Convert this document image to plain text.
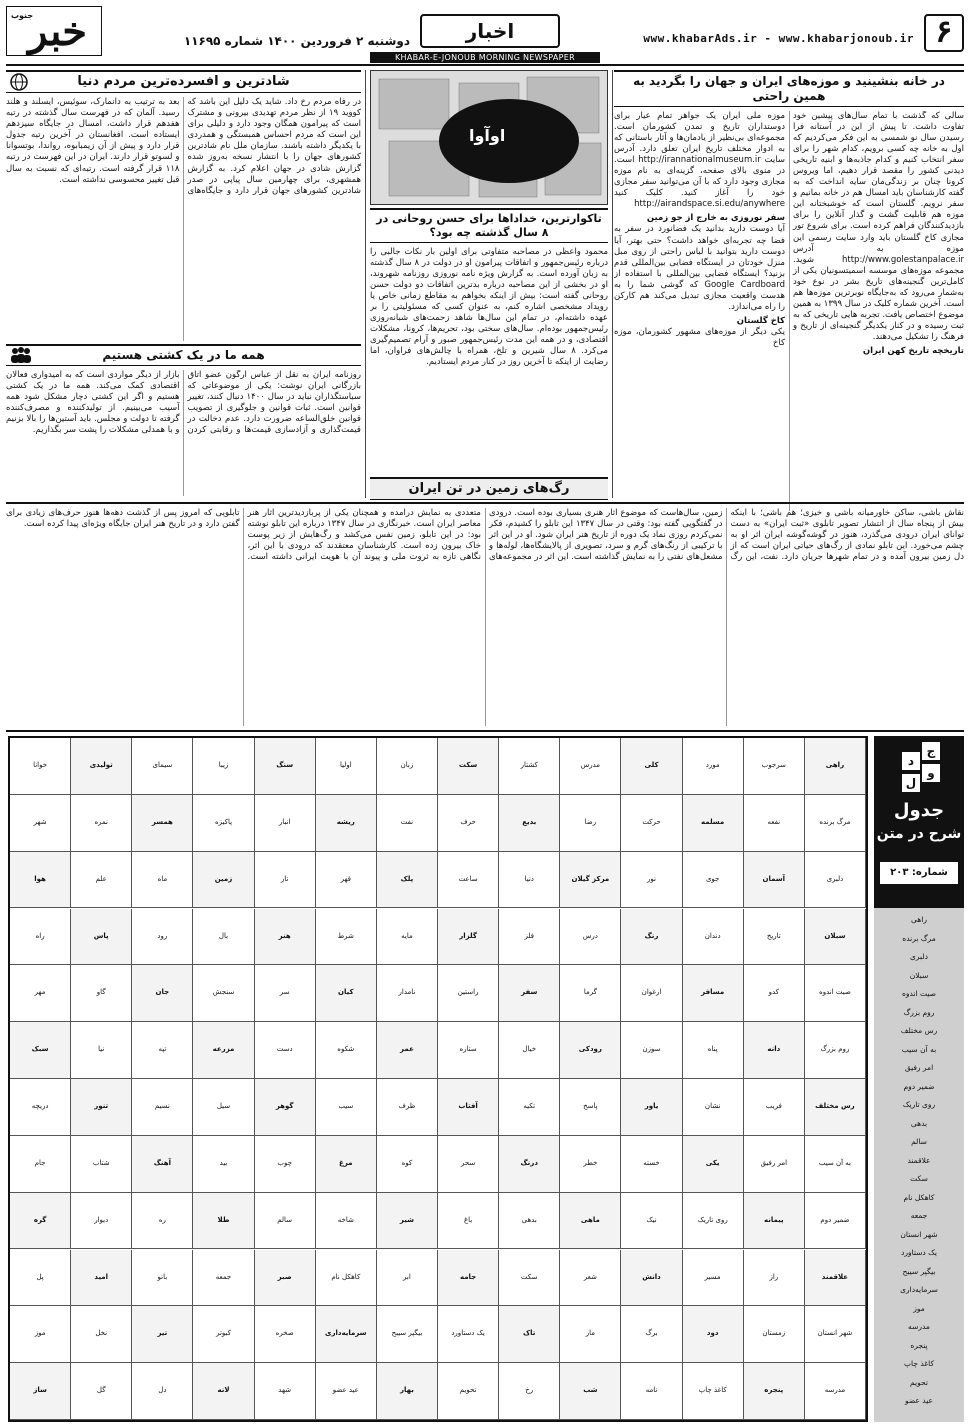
۶
www.khabarAds.ir - www.khabarjonoub.ir
اخبار
KHABAR-E-JONOUB MORNING NEWSPAPER
دوشنبه ۲ فروردین ۱۴۰۰ شماره ۱۱۶۹۵
خبر
جنوب
در خانه بنشینید و موزه‌های ایران و جهان را بگردید به همین راحتی

سالی که گذشت با تمام سال‌های پیشین خود تفاوت داشت. تا پیش از این در آستانه فرا رسیدن سال نو شمسی به این فکر می‌کردیم که اول به خانه چه کسی برویم، کدام شهر را برای سفر انتخاب کنیم و کدام جاذبه‌ها و ابنیه تاریخی دیدنی کشور را مقصد قرار دهیم، اما ویروس کرونا چنان بر زندگی‌مان سایه انداخت که به گفته کارشناسان باید امسال هم در خانه بمانیم و سفر نرویم. گلستان است که خوشبختانه این موزه هم قابلیت گشت و گذار آنلاین را برای بازدیدکنندگان فراهم کرده است. برای شروع تور مجازی کاخ گلستان باید وارد سایت رسمی این موزه به آدرس http://www.golestanpalace.ir شوید. مجموعه موزه‌های موسسه اسمیتسونیان یکی از کامل‌ترین گنجینه‌های تاریخ بشر در نوع خود به‌شمار می‌رود که به‌جایگاه نوبرترین موزه‌ها هم است. آخرین شماره کلیک در سال ۱۳۹۹ به همین موضوع اختصاص یافت. تجربه هایی تاریخی که به ثبت رسیده و در کنار یکدیگر گنجینه‌ای از تاریخ و فرهنگ را تشکیل می‌دهند.

تاریخچه تاریخ کهن ایران

موزه ملی ایران یک جواهر تمام عیار برای دوستداران تاریخ و تمدن کشورمان است. مجموعه‌ای بی‌نظیر از یادمان‌ها و آثار باستانی که به ادوار مختلف تاریخ ایران تعلق دارد. آدرس سایت http://irannationalmuseum.ir است. در منوی بالای صفحه، گزینه‌ای به نام موزه مجازی وجود دارد که با آن می‌توانید سفر مجازی خود را آغاز کنید. کلیک کنید http://airandspace.si.edu/anywhere

سفر نوروزی به خارج از جو زمین

آیا دوست دارید بدانید یک فضانورد در سفر به فضا چه تجربه‌ای خواهد داشت؟ حتی بهتر، آیا دوست دارید بتوانید با لباس راحتی از روی مبل منزل خودتان در ایستگاه فضایی بین‌المللی قدم بزنید؟ ایستگاه فضایی بین‌المللی با استفاده از Google Cardboard که گوشی شما را به هدست واقعیت مجازی تبدیل می‌کند هم کارکن را راه می‌اندازد.

کاخ گلستان

یکی دیگر از موزه‌های مشهور کشورمان، موزه کاخ

اوآوا
تاکوارترین، خداداها برای حسن روحانی در ۸ سال گذشته چه بود؟
محمود واعظی در مصاحبه متفاوتی برای اولین بار نکات جالبی را درباره رئیس‌جمهور و اتفاقات پیرامون او در دولت در ۸ سال گذشته به زبان آورده است. به گزارش ویژه نامه نوروزی روزنامه شهروند، او در بخشی از این مصاحبه درباره بدترین اتفاقات دو دولت حسن روحانی گفته است: بیش از اینکه بخواهم به مقاطع زمانی خاص یا رویداد مشخصی اشاره کنم، به عنوان کسی که مسئولیتی را بر عهده داشته‌ام، در تمام این سال‌ها شاهد زحمت‌های شبانه‌روزی رئیس‌جمهور بوده‌ام. سال‌های سختی بود، تحریم‌ها، کرونا، مشکلات اقتصادی، و در همه این مدت رئیس‌جمهور صبور و آرام تصمیم‌گیری می‌کرد. ۸ سال شیرین و تلخ، همراه با چالش‌های فراوان، اما رضایت از اینکه تا آخرین روز در کنار مردم ایستادیم.
رگ‌های زمین در تن ایران
شادترین و افسرده‌ترین مردم دنیا
در رفاه مردم رخ داد. شاید یک دلیل این باشد که کووید ۱۹ از نظر مردم تهدیدی بیرونی و مشترک است که پیرامون همگان وجود دارد و دلیلی برای این است که مردم احساس همبستگی و همدردی با یکدیگر داشته باشند. سازمان ملل نام شاد‌ترین کشورهای جهان را با انتشار نسخه به‌روز شده گزارش شادی در جهان اعلام کرد. به گزارش همشهری، برای چهارمین سال پیاپی در صدر شادترین کشورهای جهان قرار دارد و جایگاه‌های بعد به ترتیب به دانمارک، سوئیس، ایسلند و هلند رسید. آلمان که در فهرست سال گذشته در رتبه هفدهم قرار داشت، امسال در جایگاه سیزدهم ایستاده است. افغانستان در آخرین رتبه جدول قرار دارد و پیش از آن زیمبابوه، رواندا، بوتسوانا و لسوتو قرار دارند. ایران در این فهرست در رتبه ۱۱۸ قرار گرفته است. رتبه‌ای که نسبت به سال قبل تغییر محسوسی نداشته است.
همه ما در یک کشتی هستیم
روزنامه ایران به نقل از عباس آرگون عضو اتاق بازرگانی ایران نوشت: یکی از موضوعاتی که سیاستگذاران نباید در سال ۱۴۰۰ دنبال کنند، تغییر قوانین است. ثبات قوانین و جلوگیری از تصویب قوانین خلق‌الساعه ضرورت دارد. عدم دخالت در قیمت‌گذاری و آزادسازی قیمت‌ها و رقابتی کردن بازار از دیگر مواردی است که به امیدواری فعالان اقتصادی کمک می‌کند. همه ما در یک کشتی هستیم و اگر این کشتی دچار مشکل شود همه آسیب می‌بینیم. از تولیدکننده و مصرف‌کننده گرفته تا دولت و مجلس. باید آستین‌ها را بالا بزنیم و با همدلی مشکلات را پشت سر بگذاریم.
نقاش باشی، ساکن خاورمیانه باشی و خیزی؛ هم باشی؛ با اینکه بیش از پنجاه سال از انتشار تصویر تابلوی «ثبت ایران» به دست توانای ایران درودی می‌گذرد، هنوز در گوشه‌گوشه ایران اثر او به چشم می‌خورد. این تابلو نمادی از رگ‌های حیاتی ایران است که از دل زمین بیرون آمده و در تمام شهرها جریان دارد. نفت، این رگ زمین، سال‌هاست که موضوع آثار هنری بسیاری بوده است. درودی در گفتگویی گفته بود: وقتی در سال ۱۳۴۷ این تابلو را کشیدم، فکر نمی‌کردم روزی نماد یک دوره از تاریخ هنر ایران شود. او در این اثر با ترکیبی از رنگ‌های گرم و سرد، تصویری از پالایشگاه‌ها، لوله‌ها و مشعل‌های نفتی را به نمایش گذاشته است. این اثر در مجموعه‌های متعددی به نمایش درآمده و همچنان یکی از پربازدیدترین آثار هنر معاصر ایران است. خبرنگاری در سال ۱۳۴۷ درباره این تابلو نوشته بود: در این تابلو، زمین نفس می‌کشد و رگ‌هایش از زیر پوست خاک بیرون زده است. کارشناسان معتقدند که درودی با این اثر، نگاهی تازه به ثروت ملی و پیوند آن با هویت ایرانی داشته است. تابلویی که امروز پس از گذشت دهه‌ها هنوز حرف‌های زیادی برای گفتن دارد و در تاریخ هنر ایران جایگاه ویژه‌ای پیدا کرده است.
ج
د
و
ل
جدول
شرح در متن
شماره: ۲۰۳
راهی
مرگ برنده
دلبری
سبلان
صیت اندوه
روم بزرگ
رس مختلف
به آن سیب
امر رفیق
ضمیر دوم
روی تاریک
بدهی
سالم
علاقمند
سکت
کاهکل نام
جمعه
شهر انستان
یک دستاورد
بیگپر سیبح
سرمایه‌داری
موز
مدرسه
پنجره
کاغذ چاپ
تحویم
عید عضو
راهی
سرجوب
مورد
کلی
مدرس
کشتار
سکت
زبان
اولیا
سنگ
زیبا
سیمای
تولیدی
خوانا
مرگ برنده
نفعه
مسلمه
حرکت
رضا
بدیع
حرف
نفت
ریشه
انبار
پاکیزه
همسر
نمره
شهر
دلبری
آسمان
جوی
نور
مرکز گیلان
دنیا
ساعت
پلک
قهر
تار
زمین
ماه
علم
هوا
سبلان
تاریخ
دندان
رنگ
درس
فلز
گلزار
مایه
شرط
هنر
بال
رود
پاس
راه
صیت اندوه
کدو
مسافر
ارغوان
گرما
سفر
راستین
نامدار
کیان
سر
سنجش
جان
گاو
مهر
روم بزرگ
دانه
پناه
سوزن
رودکی
خیال
ستاره
عمر
شکوه
دست
مزرعه
تپه
نیا
سبک
رس مختلف
فریب
نشان
یاور
پاسخ
تکیه
آفتاب
ظرف
سیب
گوهر
سیل
نسیم
تنور
دریچه
به آن سیب
امر رفیق
یکی
خسته
خطر
درنگ
سحر
کوه
مرغ
چوب
بید
آهنگ
شتاب
جام
ضمیر دوم
پیمانه
روی تاریک
نیک
ماهی
بدهی
باغ
شیر
شاخه
سالم
طلا
ره
دیوار
گره
علاقمند
راز
مسیر
دانش
شعر
سکت
جامه
ابر
کاهکل نام
صبر
جمعه
بانو
امید
پل
شهر انستان
زمستان
دود
برگ
مار
تاک
یک دستاورد
بیگپر سیبح
سرمایه‌داری
صخره
کبوتر
تیر
نخل
موز
مدرسه
پنجره
کاغذ چاپ
نامه
شب
رخ
تحویم
بهار
عید عضو
شهد
لانه
دل
گل
ساز
